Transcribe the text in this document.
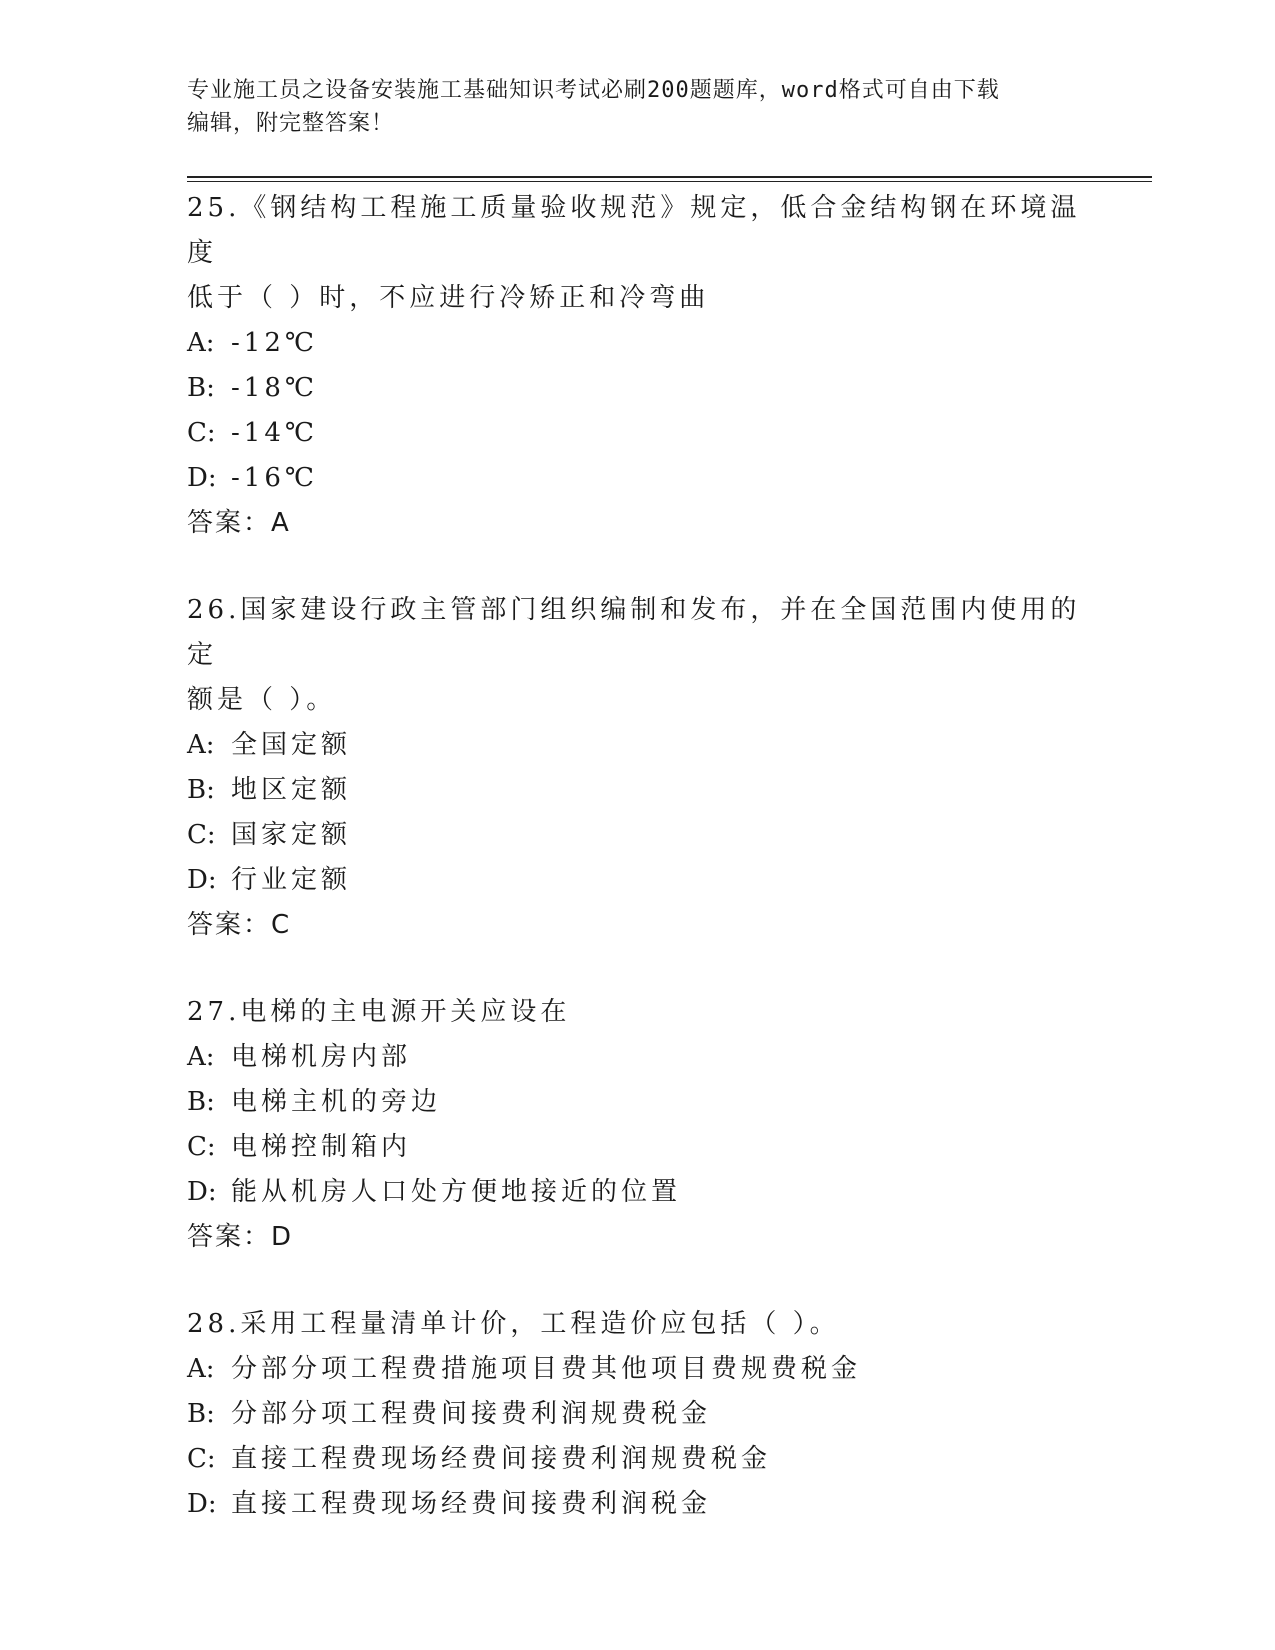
专业施工员之设备安装施工基础知识考试必刷200题题库，word格式可自由下载
编辑，附完整答案！
25.《钢结构工程施工质量验收规范》规定，低合金结构钢在环境温度
低于（ ）时，不应进行冷矫正和冷弯曲
A: -12℃
B: -18℃
C: -14℃
D: -16℃
答案：A
26.国家建设行政主管部门组织编制和发布，并在全国范围内使用的定
额是（ ）。
A: 全国定额
B: 地区定额
C: 国家定额
D: 行业定额
答案：C
27.电梯的主电源开关应设在
A: 电梯机房内部
B: 电梯主机的旁边
C: 电梯控制箱内
D: 能从机房人口处方便地接近的位置
答案：D
28.采用工程量清单计价，工程造价应包括（ ）。
A: 分部分项工程费措施项目费其他项目费规费税金
B: 分部分项工程费间接费利润规费税金
C: 直接工程费现场经费间接费利润规费税金
D: 直接工程费现场经费间接费利润税金
